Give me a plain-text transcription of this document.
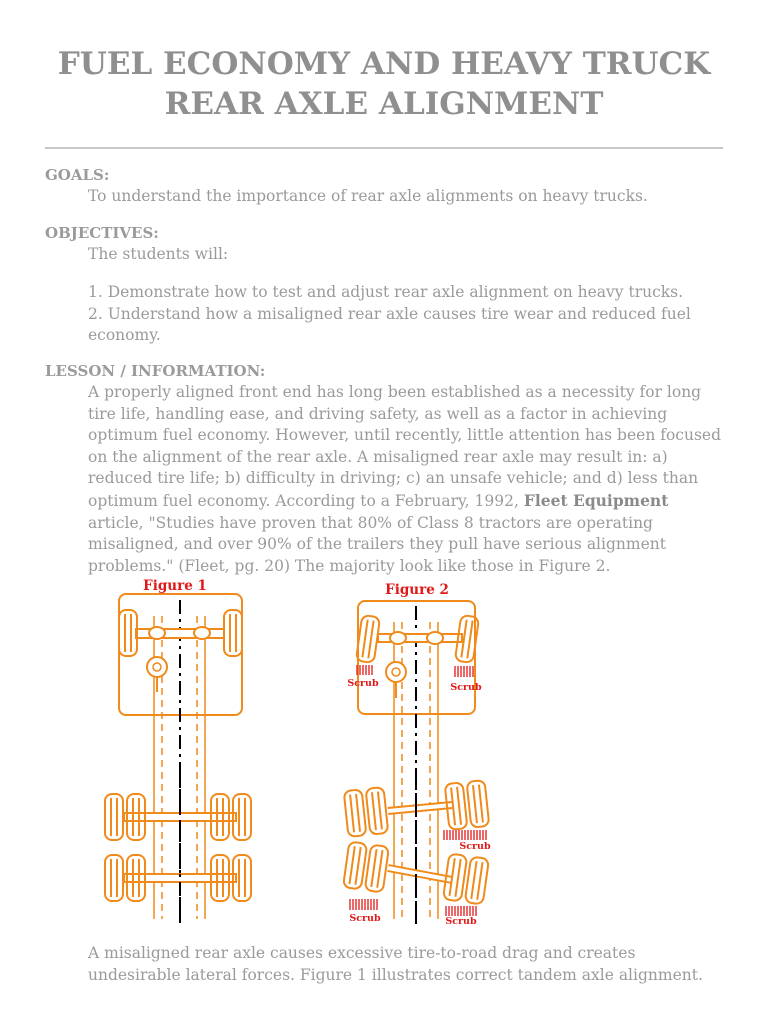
FUEL ECONOMY AND HEAVY TRUCK
REAR AXLE ALIGNMENT
GOALS:

To understand the importance of rear axle alignments on heavy trucks.

OBJECTIVES:

The students will:

1. Demonstrate how to test and adjust rear axle alignment on heavy trucks.
2. Understand how a misaligned rear axle causes tire wear and reduced fuel economy.

LESSON / INFORMATION:

A properly aligned front end has long been established as a necessity for long tire life, handling ease, and driving safety, as well as a factor in achieving optimum fuel economy. However, until recently, little attention has been focused on the alignment of the rear axle. A misaligned rear axle may result in: a) reduced tire life; b) difficulty in driving; c) an unsafe vehicle; and d) less than optimum fuel economy. According to a February, 1992, Fleet Equipment article, "Studies have proven that 80% of Class 8 tractors are operating misaligned, and over 90% of the trailers they pull have serious alignment problems." (Fleet, pg. 20) The majority look like those in Figure 2.

Figure 1	Figure 2
Scrub	Scrub
Scrub
Scrub	Scrub

A misaligned rear axle causes excessive tire-to-road drag and creates undesirable lateral forces. Figure 1 illustrates correct tandem axle alignment.
